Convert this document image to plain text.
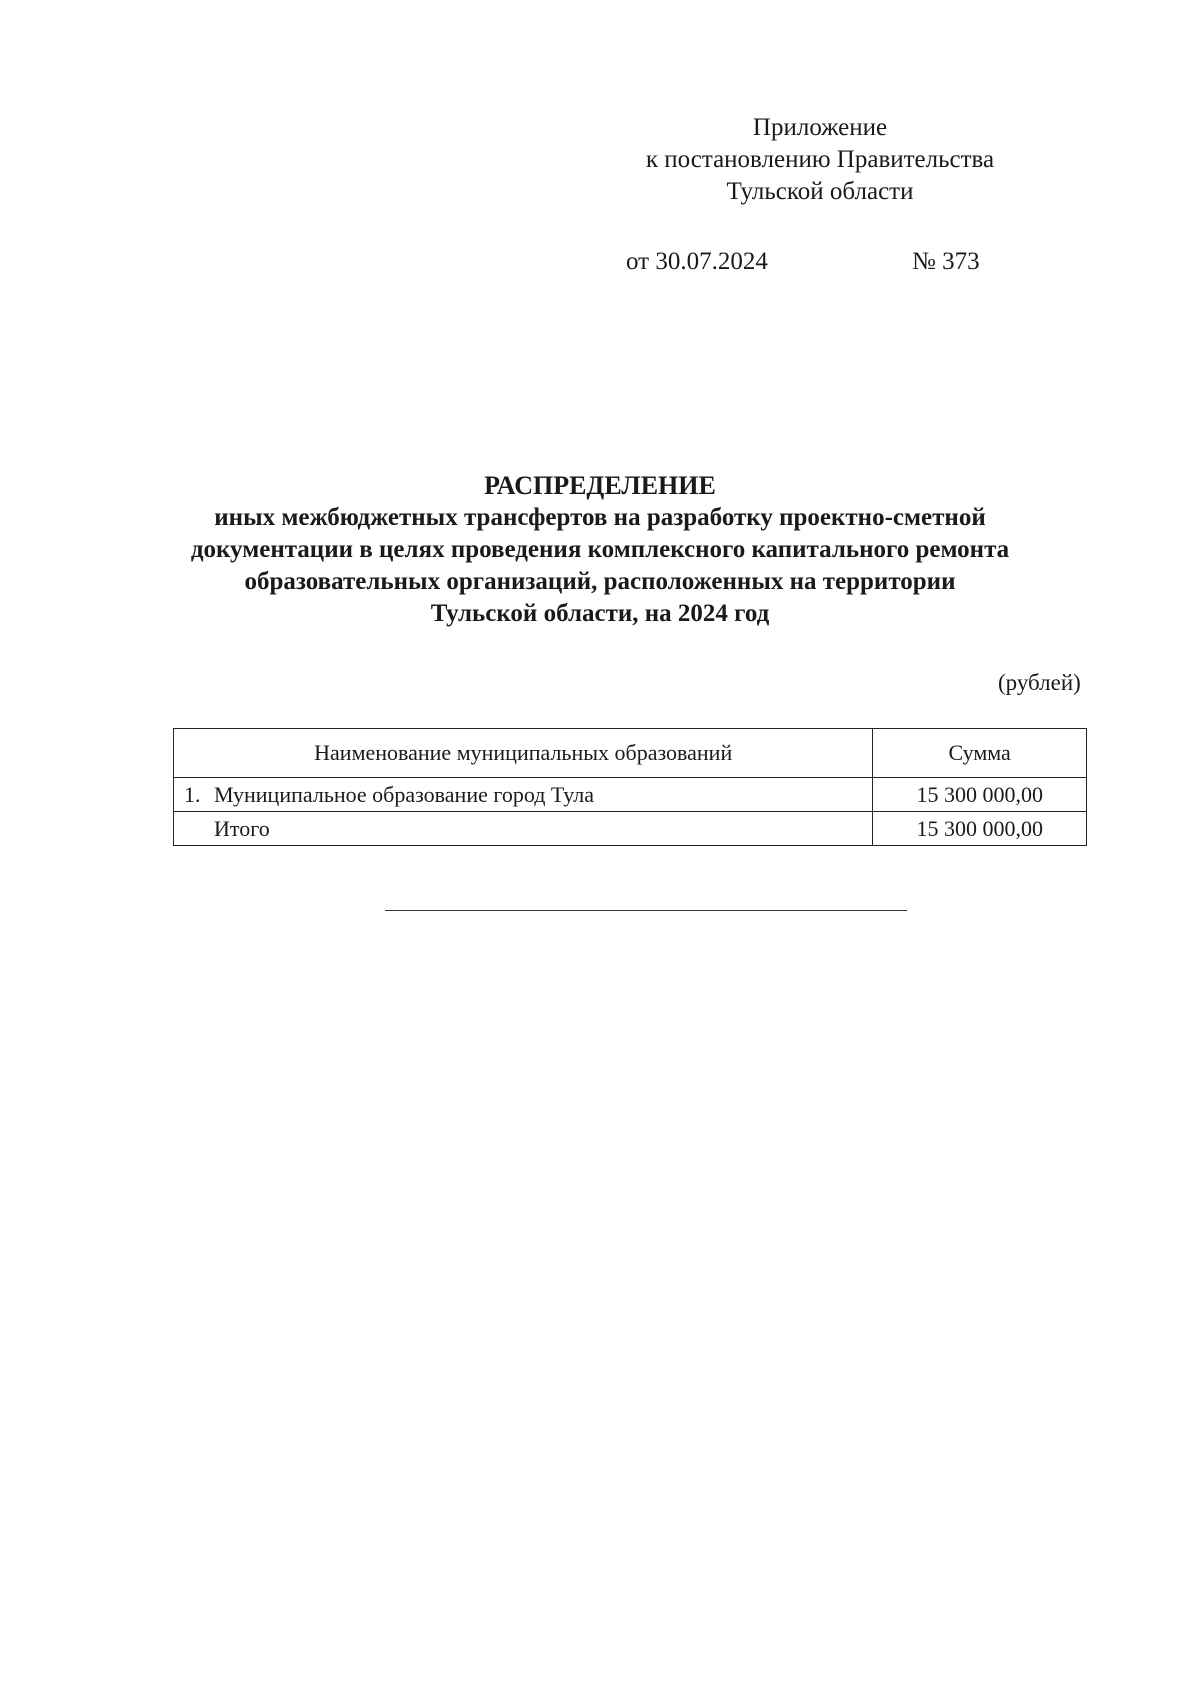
Приложение
к постановлению Правительства
Тульской области
от 30.07.2024	№ 373
РАСПРЕДЕЛЕНИЕ
иных межбюджетных трансфертов на разработку проектно-сметной
документации в целях проведения комплексного капитального ремонта
образовательных организаций, расположенных на территории
Тульской области, на 2024 год
(рублей)
Наименование муниципальных образований	Сумма
1. Муниципальное образование город Тула	15 300 000,00
Итого	15 300 000,00
